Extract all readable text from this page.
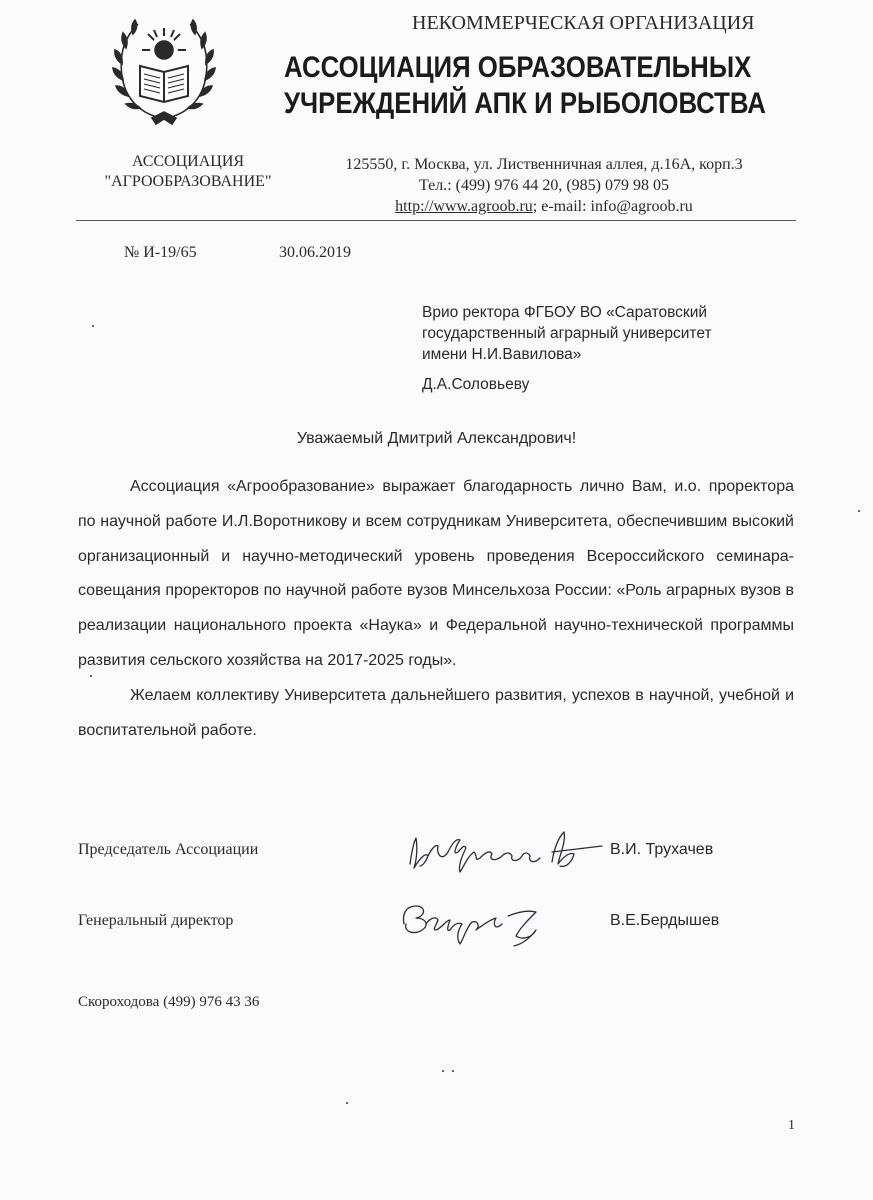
НЕКОММЕРЧЕСКАЯ ОРГАНИЗАЦИЯ
АССОЦИАЦИЯ ОБРАЗОВАТЕЛЬНЫХ
УЧРЕЖДЕНИЙ АПК И РЫБОЛОВСТВА
АССОЦИАЦИЯ
"АГРООБРАЗОВАНИЕ"
125550, г. Москва, ул. Лиственничная аллея, д.16А, корп.3
Тел.: (499) 976 44 20, (985) 079 98 05
http://www.agroob.ru; e-mail: info@agroob.ru
№ И-19/65	30.06.2019
Врио ректора ФГБОУ ВО «Саратовский
государственный аграрный университет
имени Н.И.Вавилова»
Д.А.Соловьеву
Уважаемый Дмитрий Александрович!

Ассоциация «Агрообразование» выражает благодарность лично Вам, и.о. проректора по научной работе И.Л.Воротникову и всем сотрудникам Университета, обеспечившим высокий организационный и научно-методический уровень проведения Всероссийского семинара-совещания проректоров по научной работе вузов Минсельхоза России: «Роль аграрных вузов в реализации национального проекта «Наука» и Федеральной научно-технической программы развития сельского хозяйства на 2017-2025 годы».

Желаем коллективу Университета дальнейшего развития, успехов в научной, учебной и воспитательной работе.

Председатель Ассоциации	В.И. Трухачев
Генеральный директор	В.Е.Бердышев
Скороходова (499) 976 43 36
1
